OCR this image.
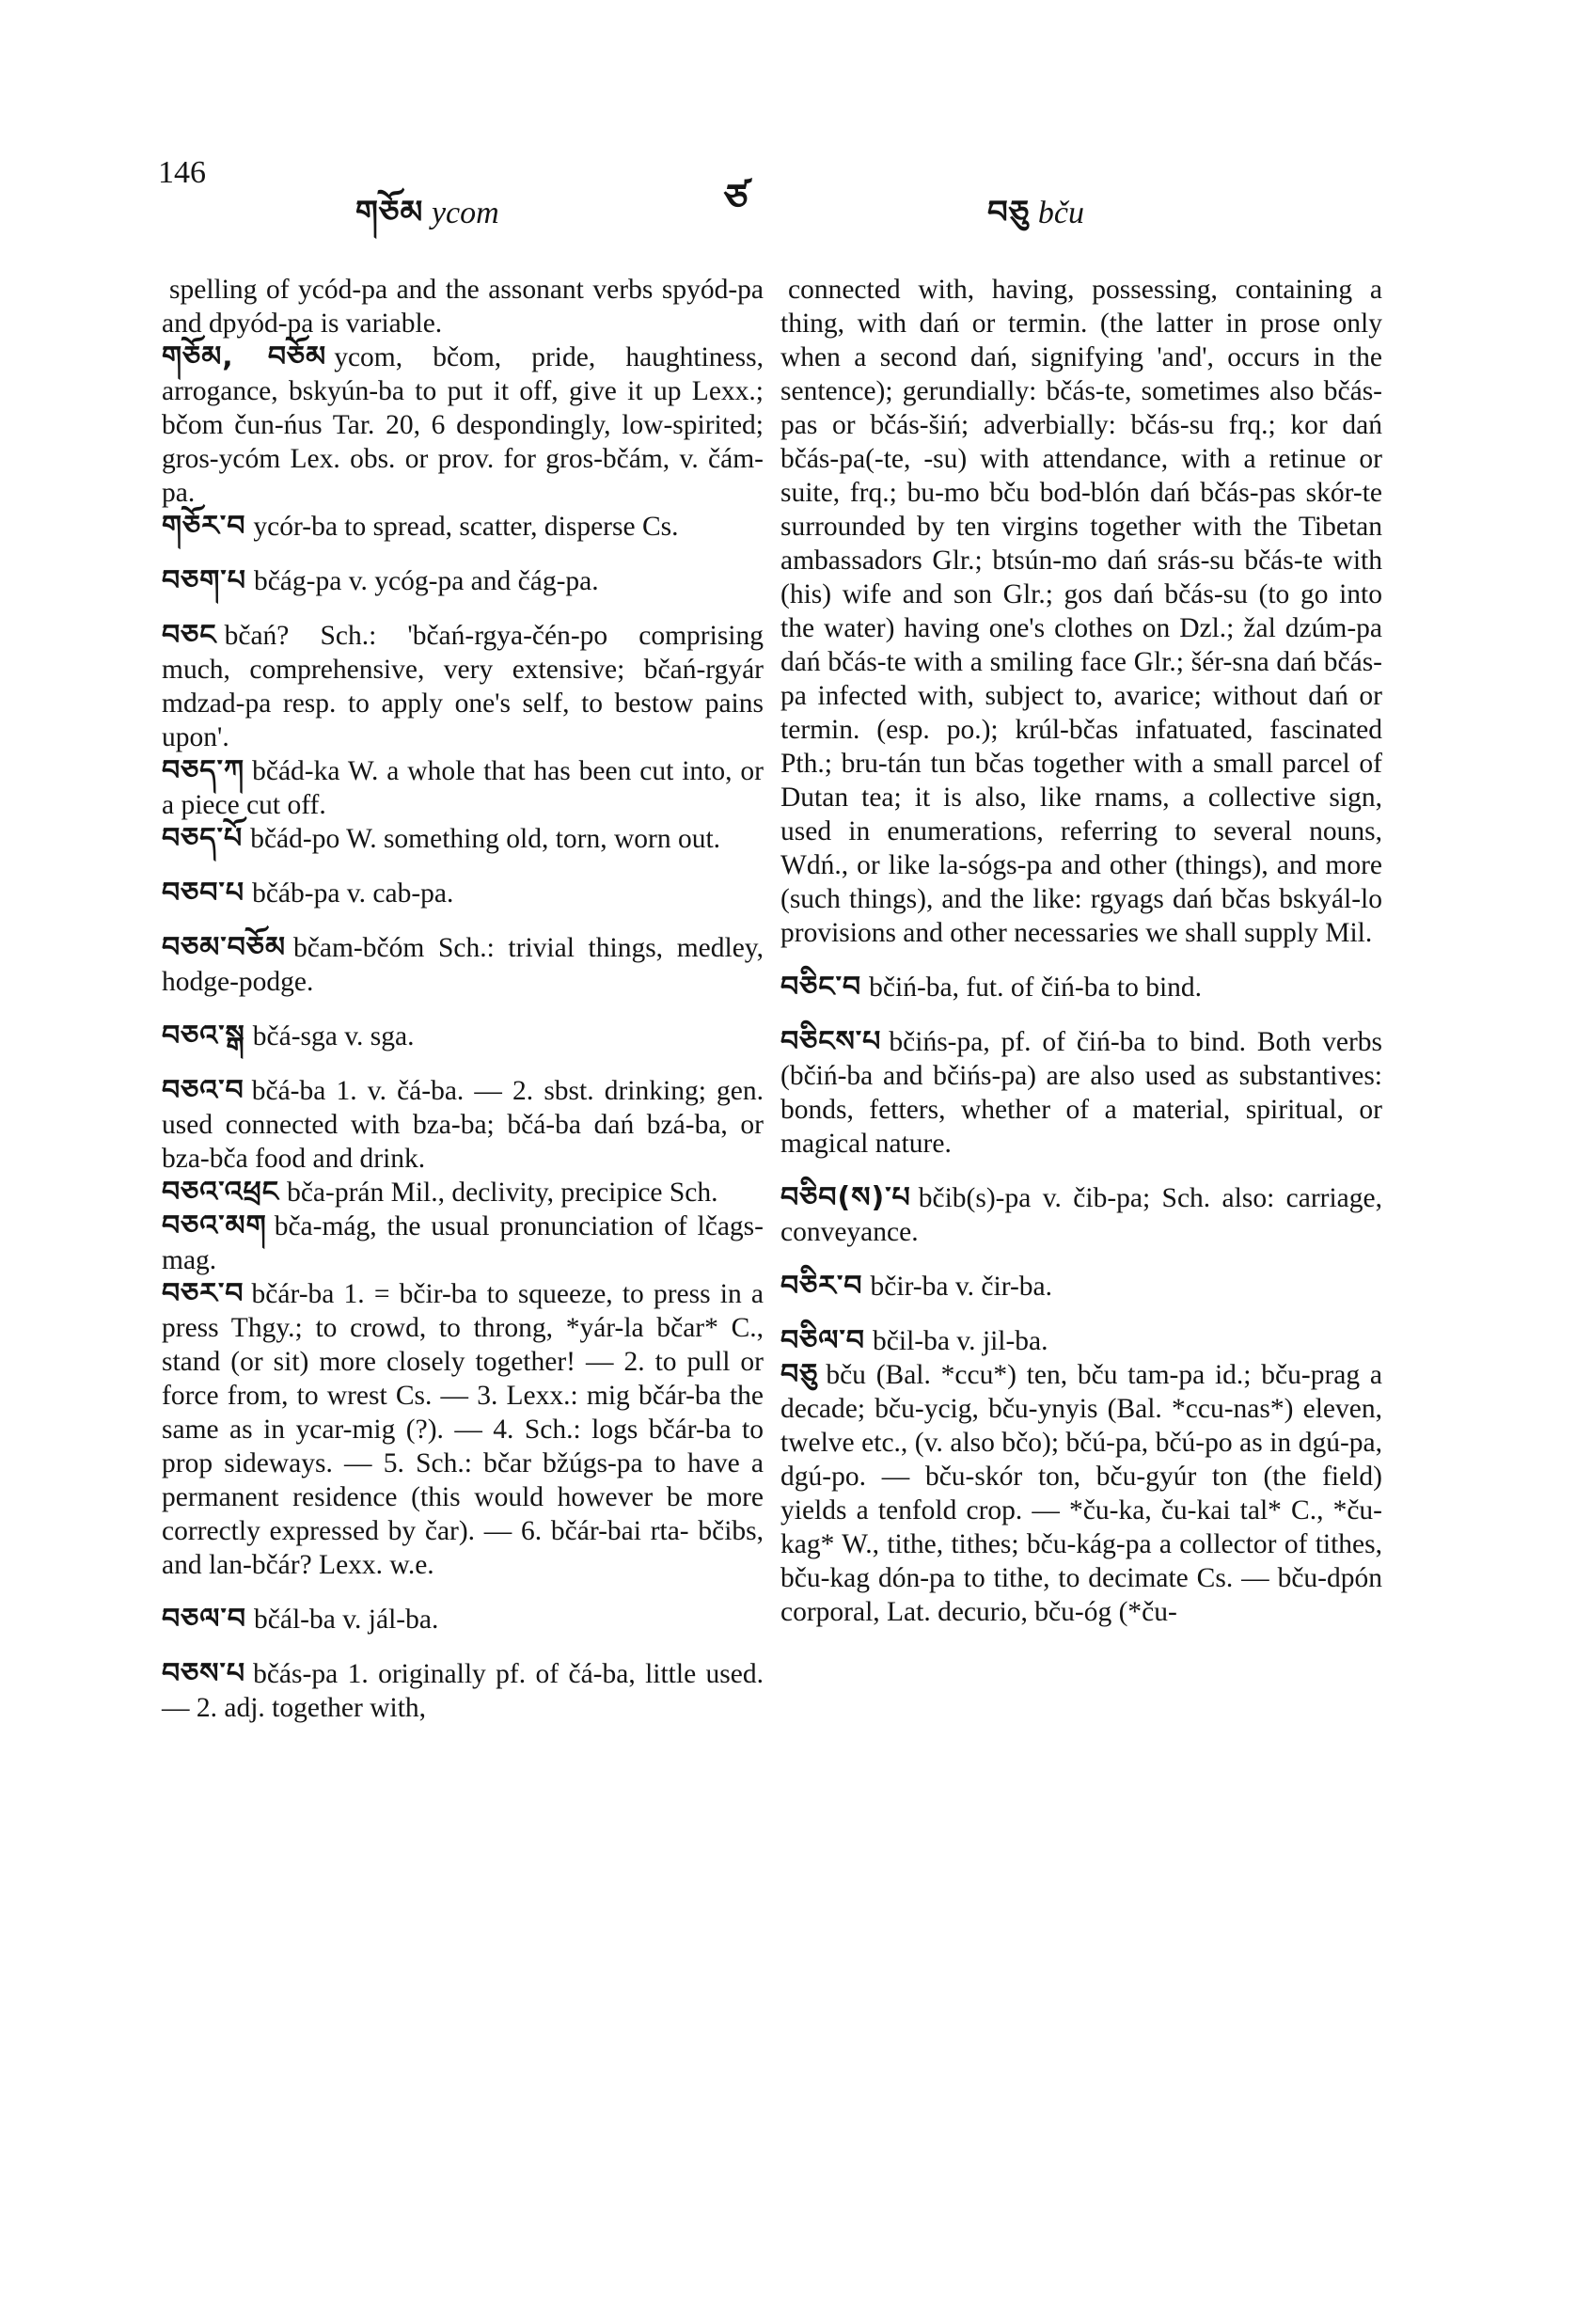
146
གཅོམ ycom	ཙ	བཅུ bču

spelling of ycód-pa and the assonant verbs spyód-pa and dpyód-pa is variable.

གཅོམ, བཅོམ ycom, bčom, pride, haughtiness, arrogance, bskyún-ba to put it off, give it up Lexx.; bčom čun-ńus Tar. 20, 6 despondingly, low-spirited; gros-ycóm Lex. obs. or prov. for gros-bčám, v. čám-pa.

གཅོར་བ ycór-ba to spread, scatter, disperse Cs.

བཅག་པ bčág-pa v. ycóg-pa and čág-pa.

བཅང bčań? Sch.: 'bčań-rgya-čén-po comprising much, comprehensive, very extensive; bčań-rgyár mdzad-pa resp. to apply one's self, to bestow pains upon'.

བཅད་ཀ bčád-ka W. a whole that has been cut into, or a piece cut off.

བཅད་པོ bčád-po W. something old, torn, worn out.

བཅབ་པ bčáb-pa v. cab-pa.

བཅམ་བཅོམ bčam-bčóm Sch.: trivial things, medley, hodge-podge.

བཅའ་སྒ bčá-sga v. sga.

བཅའ་བ bčá-ba 1. v. čá-ba. — 2. sbst. drinking; gen. used connected with bza-ba; bčá-ba dań bzá-ba, or bza-bča food and drink.

བཅའ་འཕྲང bča-prán Mil., declivity, precipice Sch.

བཅའ་མག bča-mág, the usual pronunciation of lčags-mag.

བཅར་བ bčár-ba 1. = bčir-ba to squeeze, to press in a press Thgy.; to crowd, to throng, *yár-la bčar* C., stand (or sit) more closely together! — 2. to pull or force from, to wrest Cs. — 3. Lexx.: mig bčár-ba the same as in ycar-mig (?). — 4. Sch.: logs bčár-ba to prop sideways. — 5. Sch.: bčar bžúgs-pa to have a permanent residence (this would however be more correctly expressed by čar). — 6. bčár-bai rta- bčibs, and lan-bčár? Lexx. w.e.

བཅལ་བ bčál-ba v. jál-ba.

བཅས་པ bčás-pa 1. originally pf. of čá-ba, little used. — 2. adj. together with,

connected with, having, possessing, containing a thing, with dań or termin. (the latter in prose only when a second dań, signifying 'and', occurs in the sentence); gerundially: bčás-te, sometimes also bčás-pas or bčás-šiń; adverbially: bčás-su frq.; kor dań bčás-pa(-te, -su) with attendance, with a retinue or suite, frq.; bu-mo bču bod-blón dań bčás-pas skór-te surrounded by ten virgins together with the Tibetan ambassadors Glr.; btsún-mo dań srás-su bčás-te with (his) wife and son Glr.; gos dań bčás-su (to go into the water) having one's clothes on Dzl.; žal dzúm-pa dań bčás-te with a smiling face Glr.; šér-sna dań bčás-pa infected with, subject to, avarice; without dań or termin. (esp. po.); krúl-bčas infatuated, fascinated Pth.; bru-tán tun bčas together with a small parcel of Dutan tea; it is also, like rnams, a collective sign, used in enumerations, referring to several nouns, Wdń., or like la-sógs-pa and other (things), and more (such things), and the like: rgyags dań bčas bskyál-lo provisions and other necessaries we shall supply Mil.

བཅིང་བ bčiń-ba, fut. of čiń-ba to bind.

བཅིངས་པ bčińs-pa, pf. of čiń-ba to bind. Both verbs (bčiń-ba and bčińs-pa) are also used as substantives: bonds, fetters, whether of a material, spiritual, or magical nature.

བཅིབ(ས)་པ bčib(s)-pa v. čib-pa; Sch. also: carriage, conveyance.

བཅིར་བ bčir-ba v. čir-ba.

བཅིལ་བ bčil-ba v. jil-ba.

བཅུ bču (Bal. *ccu*) ten, bču tam-pa id.; bču-prag a decade; bču-ycig, bču-ynyis (Bal. *ccu-nas*) eleven, twelve etc., (v. also bčo); bčú-pa, bčú-po as in dgú-pa, dgú-po. — bču-skór ton, bču-gyúr ton (the field) yields a tenfold crop. — *ču-ka, ču-kai tal* C., *ču-kag* W., tithe, tithes; bču-kág-pa a collector of tithes, bču-kag dón-pa to tithe, to decimate Cs. — bču-dpón corporal, Lat. decurio, bču-óg (*ču-
